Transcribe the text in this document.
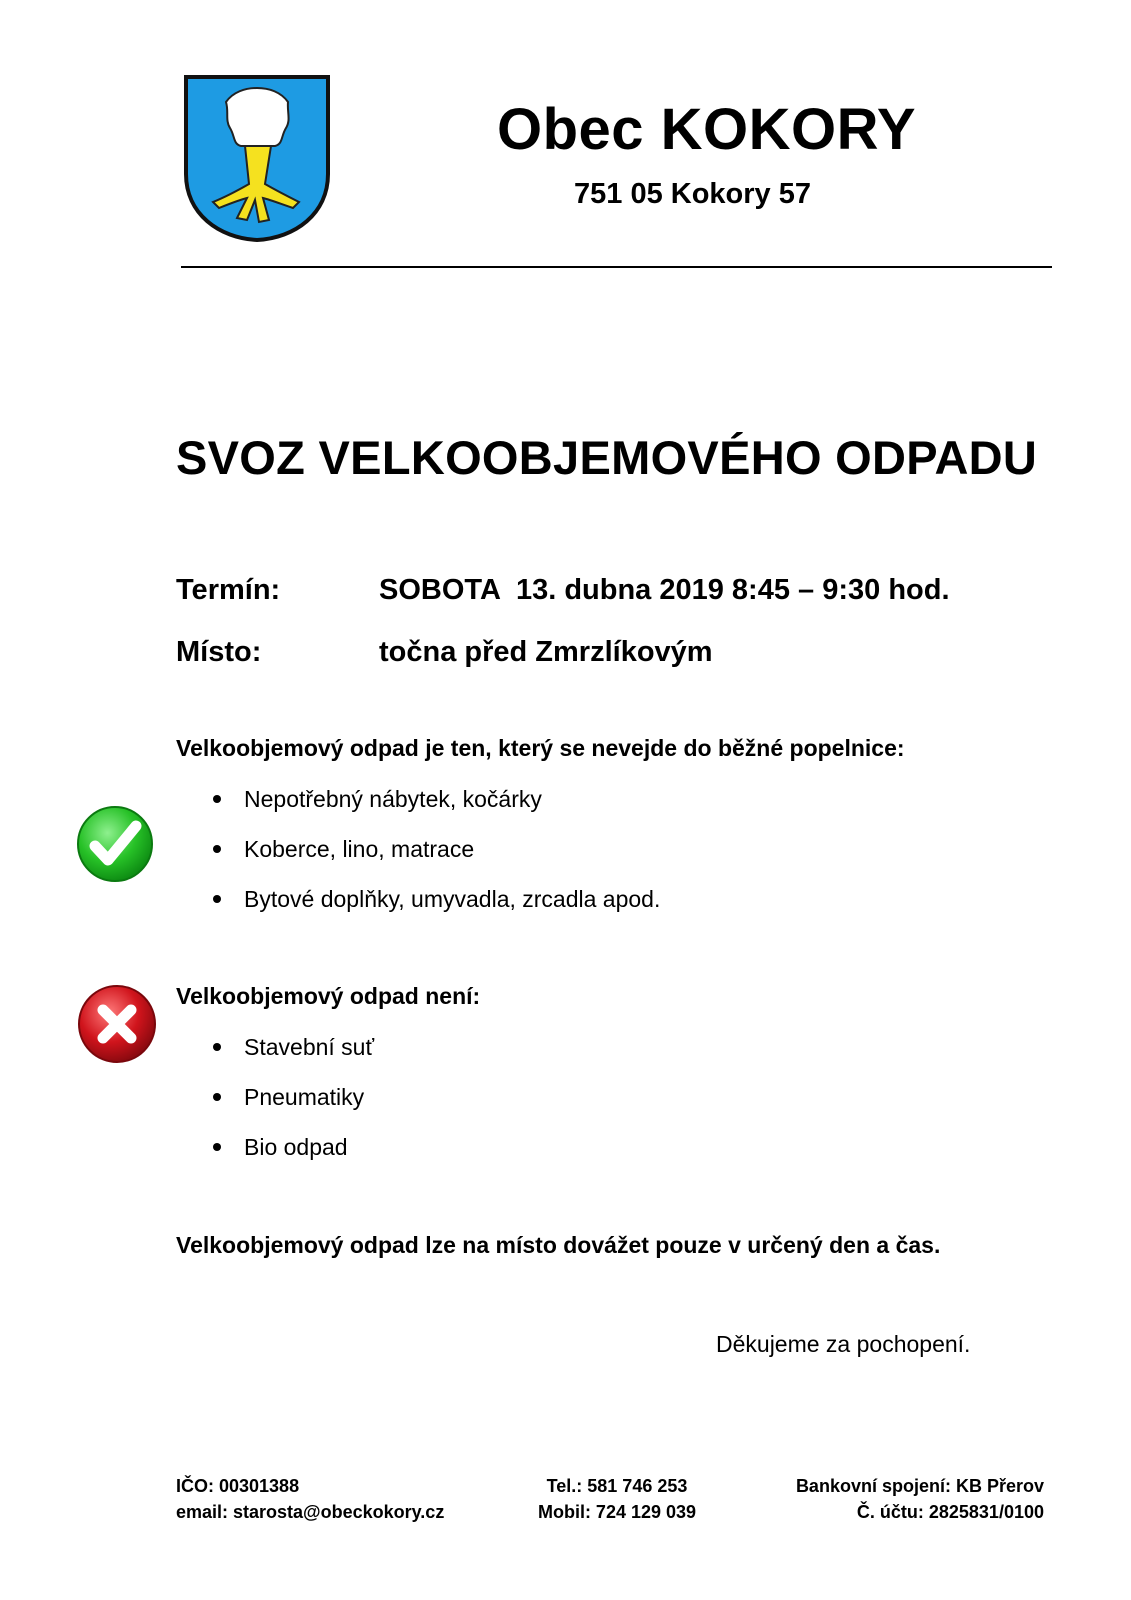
Obec KOKORY
751 05 Kokory 57
SVOZ VELKOOBJEMOVÉHO ODPADU
Termín:	SOBOTA  13. dubna 2019 8:45 – 9:30 hod.
Místo:	točna před Zmrzlíkovým
Velkoobjemový odpad je ten, který se nevejde do běžné popelnice:
Nepotřebný nábytek, kočárky
Koberce, lino, matrace
Bytové doplňky, umyvadla, zrcadla apod.
Velkoobjemový odpad není:
Stavební suť
Pneumatiky
Bio odpad
Velkoobjemový odpad lze na místo dovážet pouze v určený den a čas.
Děkujeme za pochopení.
IČO: 00301388
email: starosta@obeckokory.cz
Tel.: 581 746 253
Mobil: 724 129 039
Bankovní spojení: KB Přerov
Č. účtu: 2825831/0100
